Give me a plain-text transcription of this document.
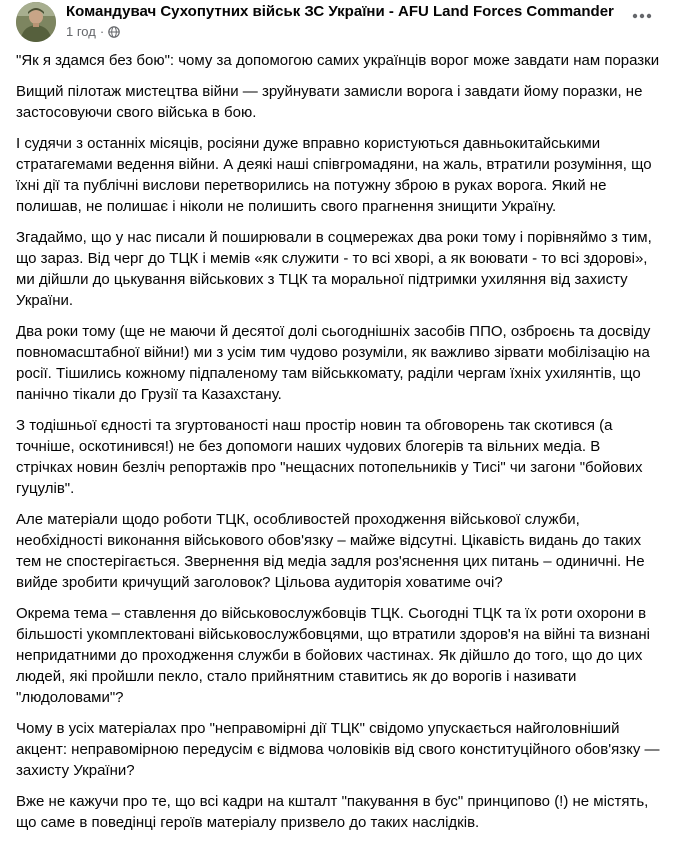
Командувач Сухопутних військ ЗС України - AFU Land Forces Commander
1 год ·

"Як я здамся без бою": чому за допомогою самих українців ворог може завдати нам поразки

Вищий пілотаж мистецтва війни — зруйнувати замисли ворога і завдати йому поразки, не застосовуючи свого війська в бою.

І судячи з останніх місяців, росіяни дуже вправно користуються давньокитайськими стратагемами ведення війни. А деякі наші співгромадяни, на жаль, втратили розуміння, що їхні дії та публічні вислови перетворились на потужну зброю в руках ворога. Який не полишав, не полишає і ніколи не полишить свого прагнення знищити Україну.

Згадаймо, що у нас писали й поширювали в соцмережах два роки тому і порівняймо з тим, що зараз. Від черг до ТЦК і мемів «як служити - то всі хворі, а як воювати - то всі здорові», ми дійшли до цькування військових з ТЦК та моральної підтримки ухиляння від захисту України.

Два роки тому (ще не маючи й десятої долі сьогоднішніх засобів ППО, озброєнь та досвіду повномасштабної війни!) ми з усім тим чудово розуміли, як важливо зірвати мобілізацію на росії. Тішились кожному підпаленому там військкомату, раділи чергам їхніх ухилянтів, що панічно тікали до Грузії та Казахстану.

З тодішньої єдності та згуртованості наш простір новин та обговорень так скотився (а точніше, оскотинився!) не без допомоги наших чудових блогерів та вільних медіа. В стрічках новин безліч репортажів про "нещасних потопельників у Тисі" чи загони "бойових гуцулів".

Але матеріали щодо роботи ТЦК, особливостей проходження військової служби, необхідності виконання військового обов'язку – майже відсутні. Цікавість видань до таких тем не спостерігається. Звернення від медіа задля роз'яснення цих питань – одиничні. Не вийде зробити кричущий заголовок? Цільова аудиторія ховатиме очі?

Окрема тема – ставлення до військовослужбовців ТЦК. Сьогодні ТЦК та їх роти охорони в більшості укомплектовані військовослужбовцями, що втратили здоров'я на війні та визнані непридатними до проходження служби в бойових частинах. Як дійшло до того, що до цих людей, які пройшли пекло, стало прийнятним ставитись як до ворогів і називати "людоловами"?

Чому в усіх матеріалах про "неправомірні дії ТЦК" свідомо упускається найголовніший акцент: неправомірною передусім є відмова чоловіків від свого конституційного обов'язку — захисту України?

Вже не кажучи про те, що всі кадри на кшталт "пакування в бус" принципово (!) не містять, що саме в поведінці героїв матеріалу призвело до таких наслідків.
